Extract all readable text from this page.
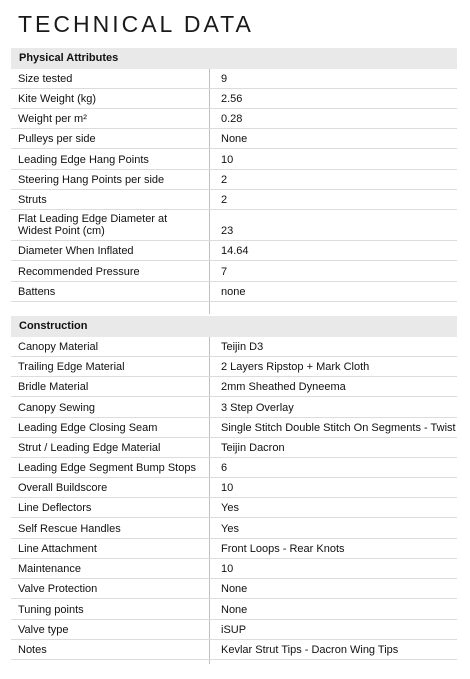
TECHNICAL DATA
Physical Attributes
Size tested	9
Kite Weight (kg)	2.56
Weight per m²	0.28
Pulleys per side	None
Leading Edge Hang Points	10
Steering Hang Points per side	2
Struts	2
Flat Leading Edge Diameter at Widest Point (cm)	23
Diameter When Inflated	14.64
Recommended Pressure	7
Battens	none
Construction
Canopy Material	Teijin D3
Trailing Edge Material	2 Layers Ripstop + Mark Cloth
Bridle Material	2mm Sheathed Dyneema
Canopy Sewing	3 Step Overlay
Leading Edge Closing Seam	Single Stitch Double Stitch On Segments - Twist
Strut / Leading Edge Material	Teijin Dacron
Leading Edge Segment Bump Stops	6
Overall Buildscore	10
Line Deflectors	Yes
Self Rescue Handles	Yes
Line Attachment	Front Loops - Rear Knots
Maintenance	10
Valve Protection	None
Tuning points	None
Valve type	iSUP
Notes	Kevlar Strut Tips - Dacron Wing Tips
